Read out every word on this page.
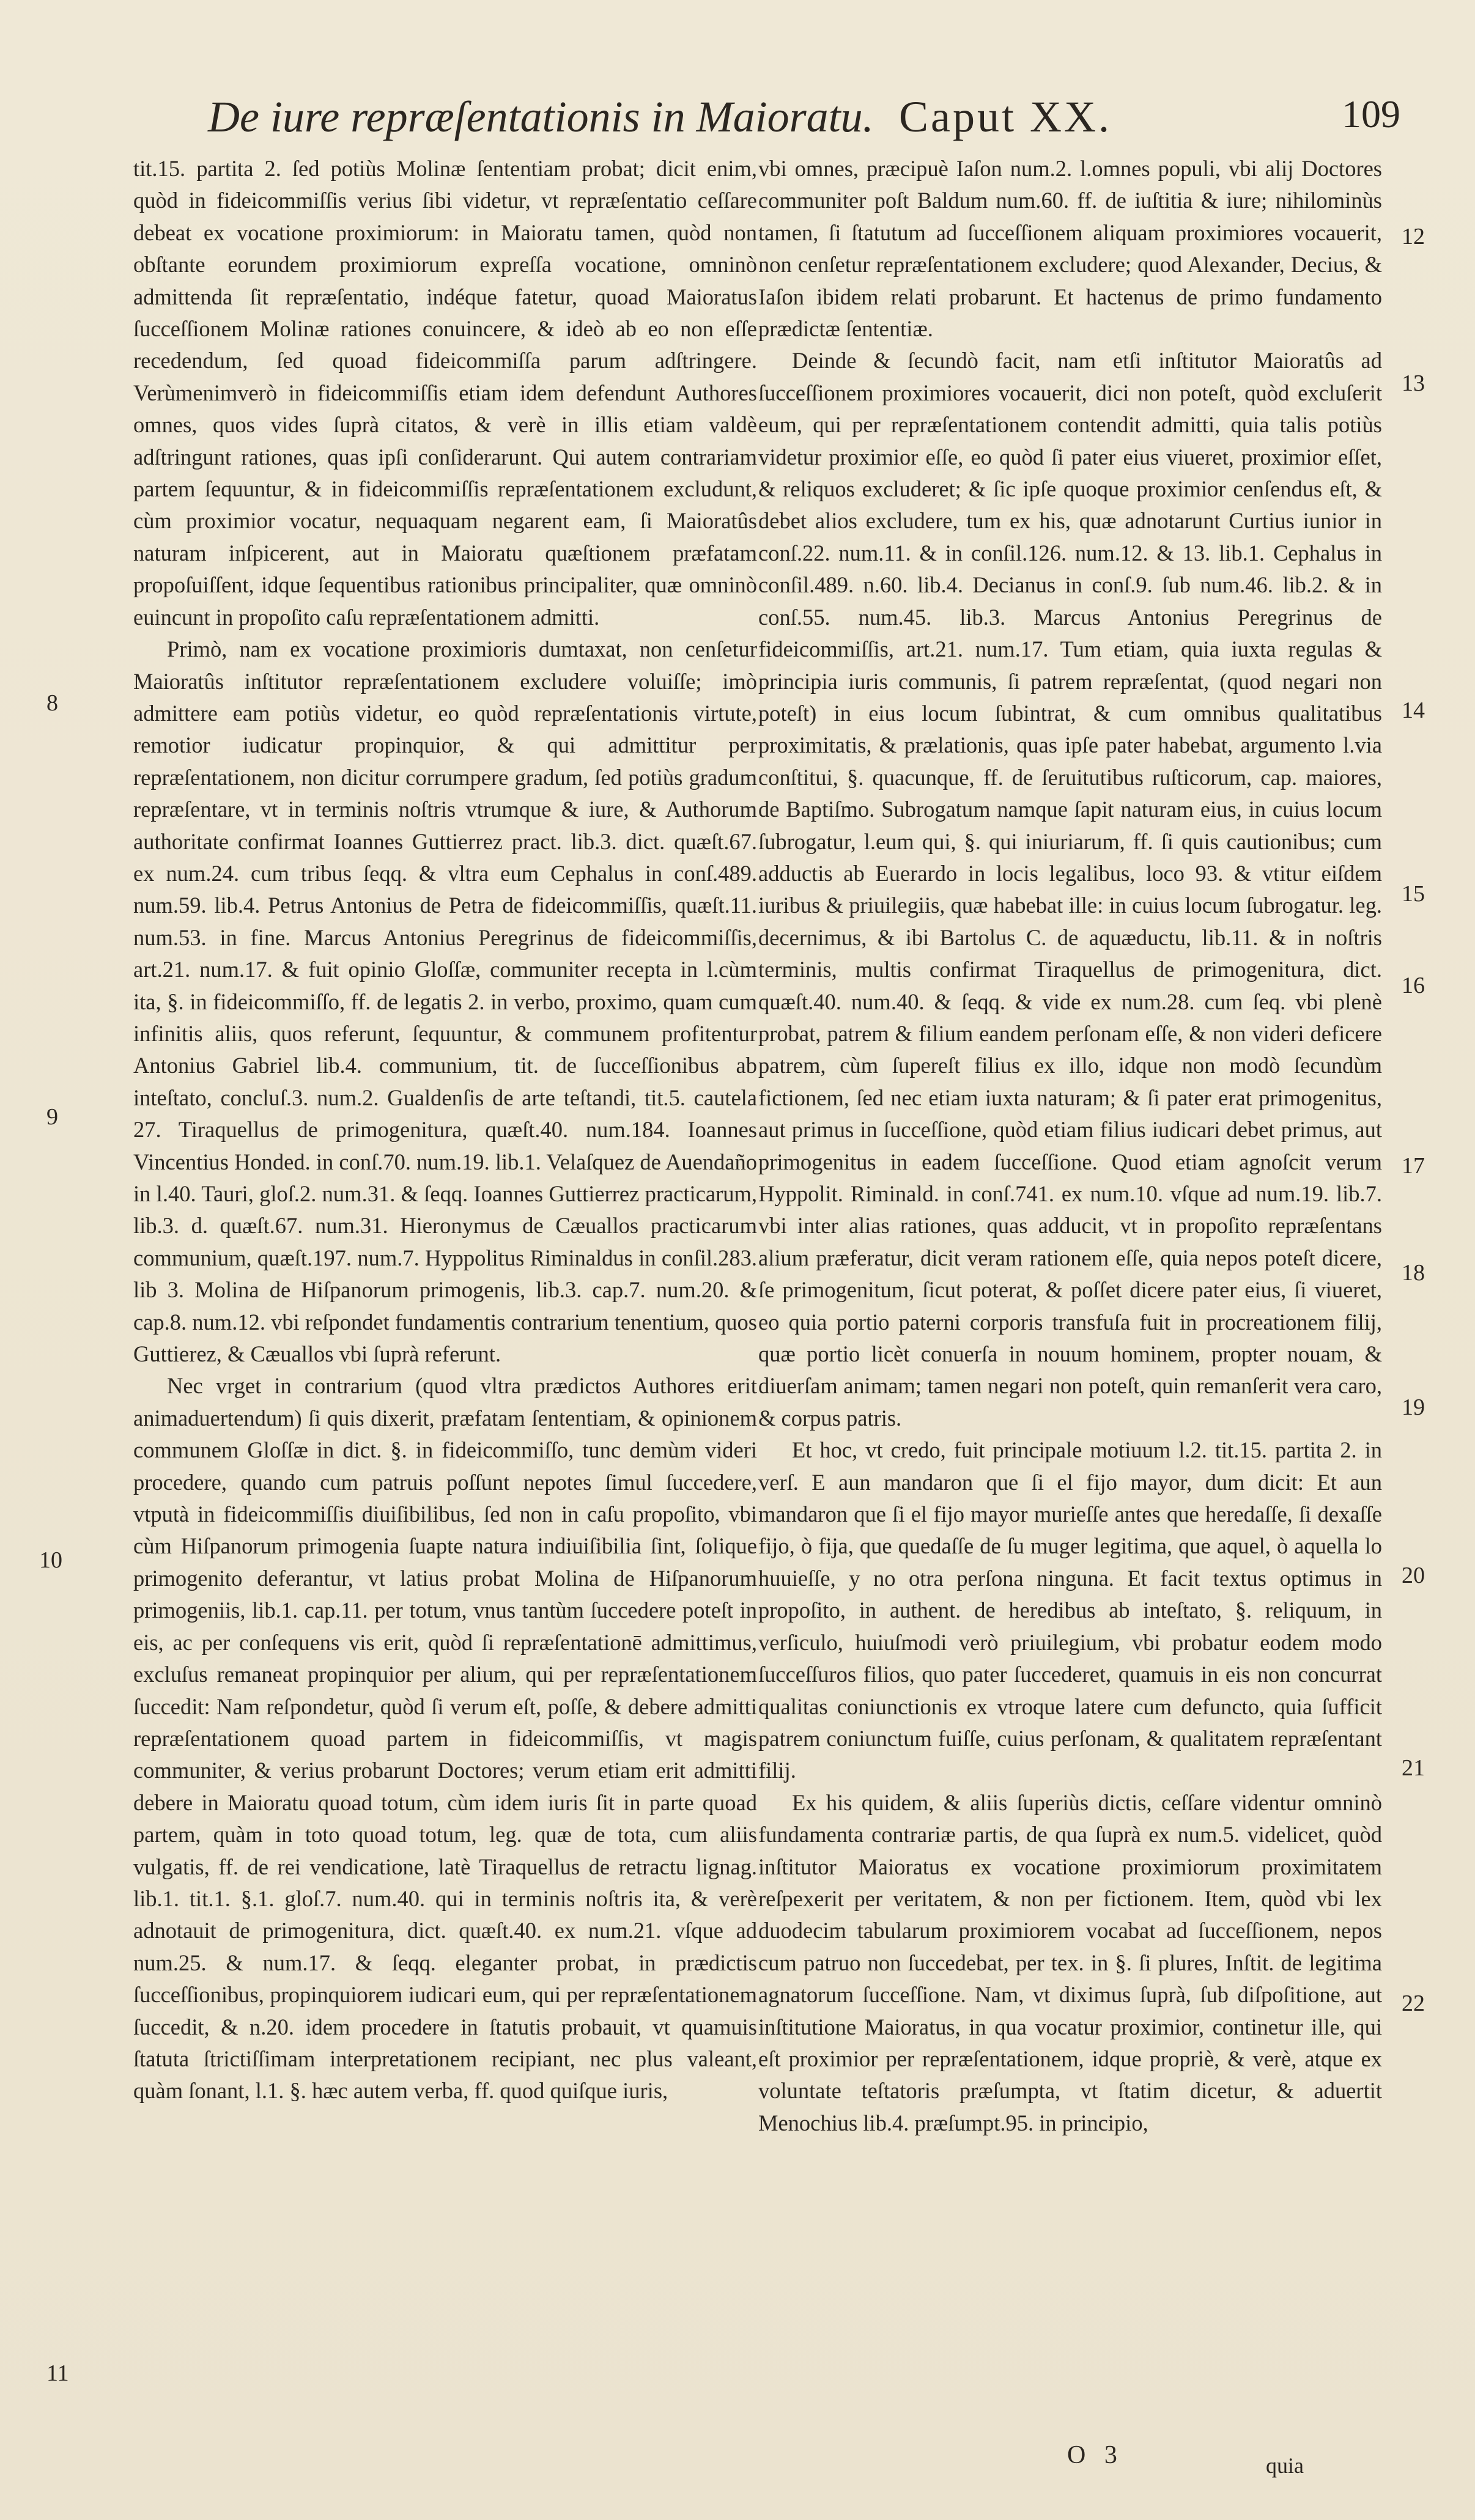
De iure repræſentationis in Maioratu. Caput XX.	109

tit.15. partita 2. ſed potiùs Molinæ ſententiam probat; dicit enim, quòd in fideicommiſſis verius ſibi videtur, vt repræſentatio ceſſare debeat ex vocatione proximiorum: in Maioratu tamen, quòd non obſtante eorundem proximiorum expreſſa vocatione, omninò admittenda ſit repræſentatio, indéque fatetur, quoad Maioratus ſucceſſionem Molinæ rationes conuincere, & ideò ab eo non eſſe recedendum, ſed quoad fideicommiſſa parum adſtringere. Verùmenimverò in fideicommiſſis etiam idem defendunt Authores omnes, quos vides ſuprà citatos, & verè in illis etiam valdè adſtringunt rationes, quas ipſi conſiderarunt. Qui autem contrariam partem ſequuntur, & in fideicommiſſis repræſentationem excludunt, cùm proximior vocatur, nequaquam negarent eam, ſi Maioratûs naturam inſpicerent, aut in Maioratu quæſtionem præfatam propoſuiſſent, idque ſequentibus rationibus principaliter, quæ omninò euincunt in propoſito caſu repræſentationem admitti.

Primò, nam ex vocatione proximioris dumtaxat, non cenſetur Maioratûs inſtitutor repræſentationem excludere voluiſſe; imò admittere eam potiùs videtur, eo quòd repræſentationis virtute, remotior iudicatur propinquior, & qui admittitur per repræſentationem, non dicitur corrumpere gradum, ſed potiùs gradum repræſentare, vt in terminis noſtris vtrumque & iure, & Authorum authoritate confirmat Ioannes Guttierrez pract. lib.3. dict. quæſt.67. ex num.24. cum tribus ſeqq. & vltra eum Cephalus in conſ.489. num.59. lib.4. Petrus Antonius de Petra de fideicommiſſis, quæſt.11. num.53. in fine. Marcus Antonius Peregrinus de fideicommiſſis, art.21. num.17. & fuit opinio Gloſſæ, communiter recepta in l.cùm ita, §. in fideicommiſſo, ff. de legatis 2. in verbo, proximo, quam cum infinitis aliis, quos referunt, ſequuntur, & communem profitentur Antonius Gabriel lib.4. communium, tit. de ſucceſſionibus ab inteſtato, concluſ.3. num.2. Gualdenſis de arte teſtandi, tit.5. cautela 27. Tiraquellus de primogenitura, quæſt.40. num.184. Ioannes Vincentius Honded. in conſ.70. num.19. lib.1. Velaſquez de Auendaño in l.40. Tauri, gloſ.2. num.31. & ſeqq. Ioannes Guttierrez practicarum, lib.3. d. quæſt.67. num.31. Hieronymus de Cæuallos practicarum communium, quæſt.197. num.7. Hyppolitus Riminaldus in conſil.283. lib 3. Molina de Hiſpanorum primogenis, lib.3. cap.7. num.20. & cap.8. num.12. vbi reſpondet fundamentis contrarium tenentium, quos Guttierez, & Cæuallos vbi ſuprà referunt.

Nec vrget in contrarium (quod vltra prædictos Authores erit animaduertendum) ſi quis dixerit, præfatam ſententiam, & opinionem communem Gloſſæ in dict. §. in fideicommiſſo, tunc demùm videri procedere, quando cum patruis poſſunt nepotes ſimul ſuccedere, vtputà in fideicommiſſis diuiſibilibus, ſed non in caſu propoſito, vbi cùm Hiſpanorum primogenia ſuapte natura indiuiſibilia ſint, ſolique primogenito deferantur, vt latius probat Molina de Hiſpanorum primogeniis, lib.1. cap.11. per totum, vnus tantùm ſuccedere poteſt in eis, ac per conſequens vis erit, quòd ſi repræſentationē admittimus, excluſus remaneat propinquior per alium, qui per repræſentationem ſuccedit: Nam reſpondetur, quòd ſi verum eſt, poſſe, & debere admitti repræſentationem quoad partem in fideicommiſſis, vt magis communiter, & verius probarunt Doctores; verum etiam erit admitti debere in Maioratu quoad totum, cùm idem iuris ſit in parte quoad partem, quàm in toto quoad totum, leg. quæ de tota, cum aliis vulgatis, ff. de rei vendicatione, latè Tiraquellus de retractu lignag. lib.1. tit.1. §.1. gloſ.7. num.40. qui in terminis noſtris ita, & verè adnotauit de primogenitura, dict. quæſt.40. ex num.21. vſque ad num.25. & num.17. & ſeqq. eleganter probat, in prædictis ſucceſſionibus, propinquiorem iudicari eum, qui per repræſentationem ſuccedit, & n.20. idem procedere in ſtatutis probauit, vt quamuis ſtatuta ſtrictiſſimam interpretationem recipiant, nec plus valeant, quàm ſonant, l.1. §. hæc autem verba, ff. quod quiſque iuris,

vbi omnes, præcipuè Iaſon num.2. l.omnes populi, vbi alij Doctores communiter poſt Baldum num.60. ff. de iuſtitia & iure; nihilominùs tamen, ſi ſtatutum ad ſucceſſionem aliquam proximiores vocauerit, non cenſetur repræſentationem excludere; quod Alexander, Decius, & Iaſon ibidem relati probarunt. Et hactenus de primo fundamento prædictæ ſententiæ.

Deinde & ſecundò facit, nam etſi inſtitutor Maioratûs ad ſucceſſionem proximiores vocauerit, dici non poteſt, quòd excluſerit eum, qui per repræſentationem contendit admitti, quia talis potiùs videtur proximior eſſe, eo quòd ſi pater eius viueret, proximior eſſet, & reliquos excluderet; & ſic ipſe quoque proximior cenſendus eſt, & debet alios excludere, tum ex his, quæ adnotarunt Curtius iunior in conſ.22. num.11. & in conſil.126. num.12. & 13. lib.1. Cephalus in conſil.489. n.60. lib.4. Decianus in conſ.9. ſub num.46. lib.2. & in conſ.55. num.45. lib.3. Marcus Antonius Peregrinus de fideicommiſſis, art.21. num.17. Tum etiam, quia iuxta regulas & principia iuris communis, ſi patrem repræſentat, (quod negari non poteſt) in eius locum ſubintrat, & cum omnibus qualitatibus proximitatis, & prælationis, quas ipſe pater habebat, argumento l.via conſtitui, §. quacunque, ff. de ſeruitutibus ruſticorum, cap. maiores, de Baptiſmo. Subrogatum namque ſapit naturam eius, in cuius locum ſubrogatur, l.eum qui, §. qui iniuriarum, ff. ſi quis cautionibus; cum adductis ab Euerardo in locis legalibus, loco 93. & vtitur eiſdem iuribus & priuilegiis, quæ habebat ille: in cuius locum ſubrogatur. leg. decernimus, & ibi Bartolus C. de aquæductu, lib.11. & in noſtris terminis, multis confirmat Tiraquellus de primogenitura, dict. quæſt.40. num.40. & ſeqq. & vide ex num.28. cum ſeq. vbi plenè probat, patrem & filium eandem perſonam eſſe, & non videri deficere patrem, cùm ſupereſt filius ex illo, idque non modò ſecundùm fictionem, ſed nec etiam iuxta naturam; & ſi pater erat primogenitus, aut primus in ſucceſſione, quòd etiam filius iudicari debet primus, aut primogenitus in eadem ſucceſſione. Quod etiam agnoſcit verum Hyppolit. Riminald. in conſ.741. ex num.10. vſque ad num.19. lib.7. vbi inter alias rationes, quas adducit, vt in propoſito repræſentans alium præferatur, dicit veram rationem eſſe, quia nepos poteſt dicere, ſe primogenitum, ſicut poterat, & poſſet dicere pater eius, ſi viueret, eo quia portio paterni corporis transfuſa fuit in procreationem filij, quæ portio licèt conuerſa in nouum hominem, propter nouam, & diuerſam animam; tamen negari non poteſt, quin remanſerit vera caro, & corpus patris.

Et hoc, vt credo, fuit principale motiuum l.2. tit.15. partita 2. in verſ. E aun mandaron que ſi el fijo mayor, dum dicit: Et aun mandaron que ſi el fijo mayor murieſſe antes que heredaſſe, ſi dexaſſe fijo, ò fija, que quedaſſe de ſu muger legitima, que aquel, ò aquella lo huuieſſe, y no otra perſona ninguna. Et facit textus optimus in propoſito, in authent. de heredibus ab inteſtato, §. reliquum, in verſiculo, huiuſmodi verò priuilegium, vbi probatur eodem modo ſucceſſuros filios, quo pater ſuccederet, quamuis in eis non concurrat qualitas coniunctionis ex vtroque latere cum defuncto, quia ſufficit patrem coniunctum fuiſſe, cuius perſonam, & qualitatem repræſentant filij.

Ex his quidem, & aliis ſuperiùs dictis, ceſſare videntur omninò fundamenta contrariæ partis, de qua ſuprà ex num.5. videlicet, quòd inſtitutor Maioratus ex vocatione proximiorum proximitatem reſpexerit per veritatem, & non per fictionem. Item, quòd vbi lex duodecim tabularum proximiorem vocabat ad ſucceſſionem, nepos cum patruo non ſuccedebat, per tex. in §. ſi plures, Inſtit. de legitima agnatorum ſucceſſione. Nam, vt diximus ſuprà, ſub diſpoſitione, aut inſtitutione Maioratus, in qua vocatur proximior, continetur ille, qui eſt proximior per repræſentationem, idque propriè, & verè, atque ex voluntate teſtatoris præſumpta, vt ſtatim dicetur, & aduertit Menochius lib.4. præſumpt.95. in principio,

8
9
10
11
12
13
14
15
16
17
18
19
20
21
22
O 3	quia
